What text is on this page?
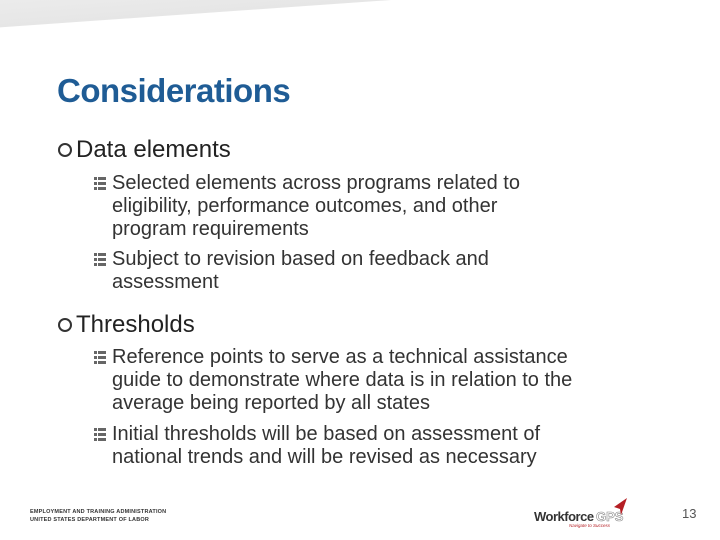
Considerations
Data elements
Selected elements across programs related to
eligibility, performance outcomes, and other
program requirements
Subject to revision based on feedback and
assessment
Thresholds
Reference points to serve as a technical assistance
guide to demonstrate where data is in relation to the
average being reported by all states
Initial thresholds will be based on assessment of
national trends and will be revised as necessary
EMPLOYMENT AND TRAINING ADMINISTRATION
UNITED STATES DEPARTMENT OF LABOR	Workforce GPS
Navigate to Success
13
